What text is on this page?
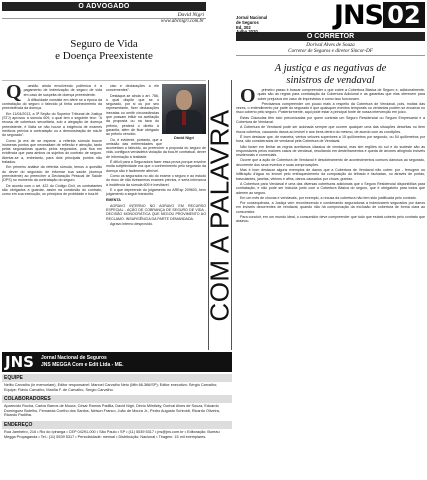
O ADVOGADO
David Nigri
www.abcnigri.com.br
Seguro de Vida
e Doença Preexistente

Q uestão ainda envolvendo polêmica é a pagamento de indenização de seguro de vida em caso de suspeita de doença preexistente.

A dificuldade consiste em aferir se a época da contratação do seguro o falecido já tinha conhecimento da preexistência da doença.

Em 11/04/2013, a 3ª Seção do Superior Tribunal de Justiça (STJ) aprovou a súmula 609, o qual tem o seguinte teor: "A recusa de cobertura securitária, sob a alegação de doença preexistente, é ilícita se não houve a exigência de exames médicos prévios à contratação ou a demonstração de má-fé do segurado".

Como já era de se esperar, a referida súmula trouxe inúmeras pontos que necessitam de reflexão e atenção, tanto pelas seguradoras quanto pelos segurados, pois fica em evidência que para ambos os sujeitos do contrato de seguro. Atentar-se a, entretanto, para dois principais pontos não tratados.

Em primeiro análise da referida súmula, temos a questão do dever do segurado de informar sua saúde (doença preexistente) ao preencher a Declaração Pessoal de Saúde (DPS) no momento da contratação do seguro.

De acordo com o art. 422 do Código Civil, os contratantes são obrigados a guardar, assim na conclusão do contrato, como em sua execução, os princípios de probidade e boa-fé.

David Nigri

ciso e declarações a ele concernentes".

Destaque-se ainda o art. 766, o qual dispõe que se o segurado, por si ou por seu representante, fizer declarações inexatas ou omitir circunstâncias que possam influir na aceitação da proposta ou na taxa do prêmio, perderá o direito à garantia, além de ficar obrigado ao prêmio vencido.

Ou, é evidente, portanto, que a omissão das enfermidades que acometiam o falecido, ao preencher a proposta do seguro de vida, configura verdadeira violação da boa-fé contratual, dever de informação à lealdade.

É difícil para a Seguradora fazer essa prova porque envolve muita subjetividade voz que o conhecimento pelo segurado da doença não é facilmente aferível.

Como os segurados no ato do exame o seguro e ao estudo do risco de não tivéssemos exames prévios, e seria intrínseca à incidência da súmula 609 é inevitável.

E o que depreende do julgamento no AREsp 209603, bem julgamento a seguir transcrito.

EMENTA

AGRAVO INTERNO NO AGRAVO EM RECURSO ESPECIAL - AÇÃO DE COBRANÇA DE SEGURO DE VIDA - DECISÃO MONOCRÁTICA QUE NEGOU PROVIMENTO AO RECLAMO. INSURGÊNCIA DA PARTE DEMANDADA.

Agravo interno desprovido.	COM A PALAVRA
Jornal Nacional
de Seguros
Ed. 302
Julho 2020
JNS 02
O CORRETOR
Dorival Alves de Souza
Corretor de Seguros e diretor Sincor-DF
A justiça e as negativas de
sinistros de vendaval

O primeiro passo é buscar compreender o que cobre a Cobertura Básica de Seguro e, adicionalmente, quais são as regras para contratação da Cobertura Adicional e as garantias que elas oferecem para cobrir prejuízos em caso de imprevistos e como isso funcionam.

Precisamos compreender um pouco mais a respeito da Cobertura de Vendaval, pois, muitas das vezes, o entendimento por parte do segurado é que quaisquer eventos temporais ou ventanias podem se encaixar no risco coberto pelo seguro. Posteriormente, aqui pode estar a principal fonte de nossa intervenção em juízo.

Estas Cláusulas têm sido preconizadas por quem contrata um Seguro Residencial ou Seguro Empresarial e a Cobertura de Vendaval.

A Cobertura de Vendaval pode ser acionada sempre que ocorrer qualquer uma das situações descritas no item riscos cobertos, causando danos ao imóvel e aos bens dentro do mesmo, de acordo com as condições.

É bom destacar que, de maneira, ventos velozes superiores a 15 quilômetros por segundo, ou 54 quilômetros por hora, são considerados de vendaval pela Cobertura de Vendaval.

Não foram em limitar as regras aceitamos clássica de vendaval, mas sim regiões do sul e do sudeste são as responsáveis pelos maiores casos de vendaval, resultando em destelhamentos e queda de árvores atingindo imóveis residenciais e comerciais.

Ocorre que a ação de Cobertura de Vendaval é desdobramento de acontecimentos comuns danosos ao segurado, decorrente dos seus eventos e suas comprovações.

Mas é bom destacar alguns exemplos de danos que a Cobertura de Vendaval não cobre: por - ferrugem ou infiltração d'água no imóvel pelo enfraquecimento da composição do telhado e fachadas, ou através de portas, basculantes, janelas, vitrines e afins, danos causados por chuva, granizo.

A Cobertura para Vendaval é uma das diversas coberturas adicionais que o Seguro Residencial disponibiliza para contratação, e não pode ser incluída junto com a Cobertura Básica do seguro, que é obrigatório para todos que aderem ao seguro.

Em um mês de chuvas e vendavais, por exemplo, a recusa da cobertura não tem sido justificada pelo contrato.

Por consequência, a Justiça vem reconhecendo e condenando seguradoras a indenizarem segurados por danos em imóveis decorrentes de vendaval, quando não há comprovação da exclusão de cobertura de forma clara ao consumidor.

Para concluir, em um mundo ideal, o consumidor deve compreender que tudo que estará coberto pelo contrato que assinou.

JNS	Jornal Nacional de Seguros
JNS MEGGA Com e Edit Ltda - ME.
EQUIPE
Nelito Carvalho (in memoriam), Editor responsável: Manoel Carvalho Neto (Mtb 66.366/SP); Editor executivo: Sérgio Carvalho; Equipe: Flávio Carvalho, Marília F. de Carvalho, Sergio Carvalho.
COLABORADORES
Aparecido Rocha, Carlos Barros de Moura, César Ramos Padilla, David Nigri, Décio Milnitzky, Dorival Alves de Souza, Eduardo Dominguez Botelho, Fernanda Coelho dos Santos, Nelson Franco, João de Moura Jr., Pedro Augusto Schmidt, Ricardo Oliveira, Ricardo Padilha.
ENDEREÇO
Rua Jambeiro, 216 • Rio do Ipiranga • CEP 04291-000 • São Paulo • SP • (11) 5539 5317 • jns@jns.com.br • Editoração: Bureau Megga Propaganda • Tel.: (11) 5539 5317 • Periodicidade: mensal • Distribuição: Nacional • Tiragem: 15 mil exemplares.
